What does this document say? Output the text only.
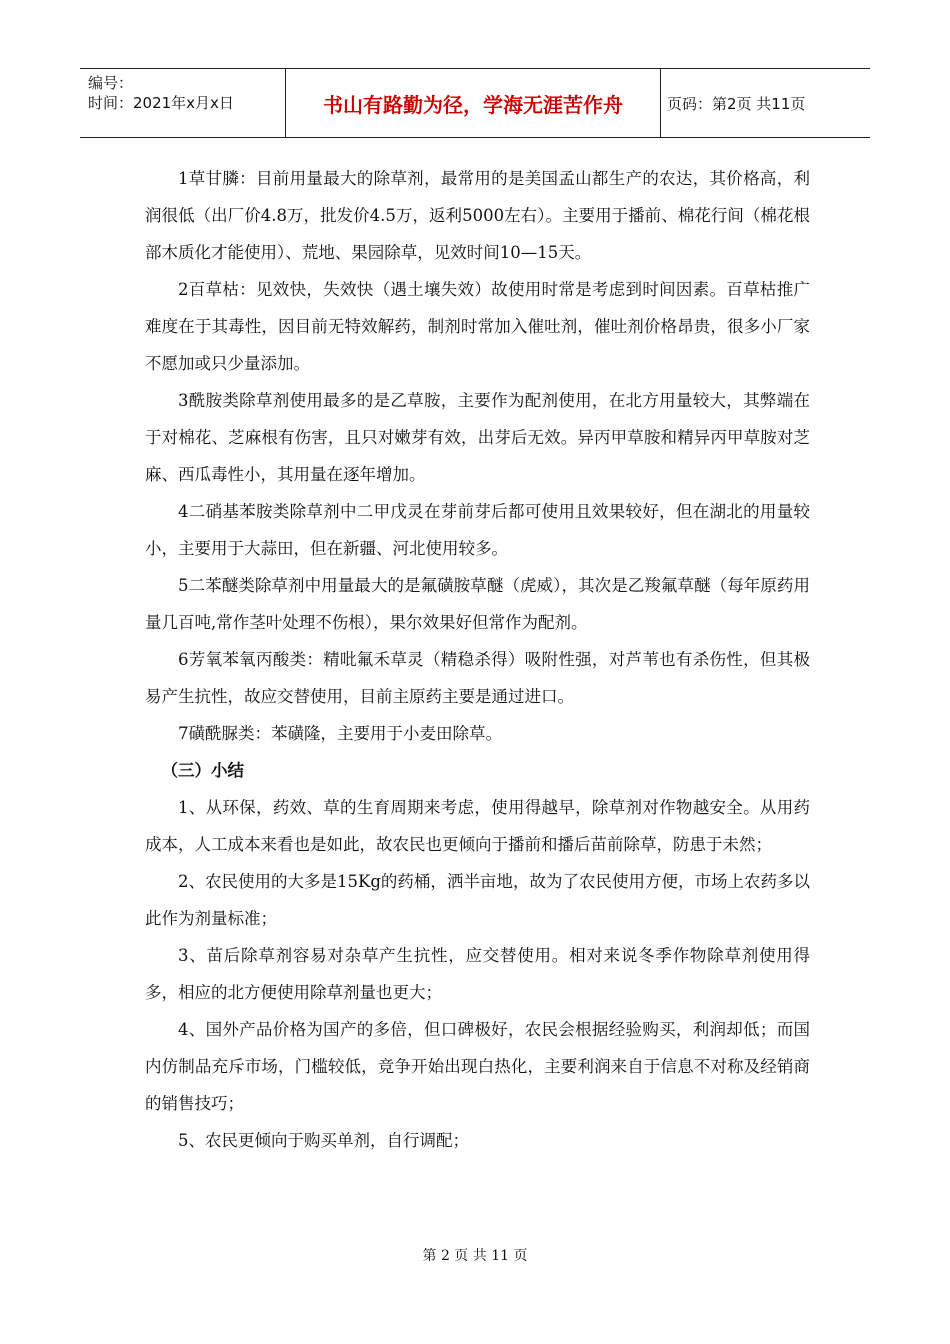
编号：
时间：2021年x月x日	书山有路勤为径，学海无涯苦作舟	页码：第2页 共11页

1草甘膦：目前用量最大的除草剂，最常用的是美国孟山都生产的农达，其价格高，利润很低（出厂价4.8万，批发价4.5万，返利5000左右）。主要用于播前、棉花行间（棉花根部木质化才能使用）、荒地、果园除草，见效时间10—15天。

2百草枯：见效快，失效快（遇土壤失效）故使用时常是考虑到时间因素。百草枯推广难度在于其毒性，因目前无特效解药，制剂时常加入催吐剂，催吐剂价格昂贵，很多小厂家不愿加或只少量添加。

3酰胺类除草剂使用最多的是乙草胺，主要作为配剂使用，在北方用量较大，其弊端在于对棉花、芝麻根有伤害，且只对嫩芽有效，出芽后无效。异丙甲草胺和精异丙甲草胺对芝麻、西瓜毒性小，其用量在逐年增加。

4二硝基苯胺类除草剂中二甲戊灵在芽前芽后都可使用且效果较好，但在湖北的用量较小，主要用于大蒜田，但在新疆、河北使用较多。

5二苯醚类除草剂中用量最大的是氟磺胺草醚（虎威），其次是乙羧氟草醚（每年原药用量几百吨,常作茎叶处理不伤根），果尔效果好但常作为配剂。

6芳氧苯氧丙酸类：精吡氟禾草灵（精稳杀得）吸附性强，对芦苇也有杀伤性，但其极易产生抗性，故应交替使用，目前主原药主要是通过进口。

7磺酰脲类：苯磺隆，主要用于小麦田除草。

（三）小结

1、从环保，药效、草的生育周期来考虑，使用得越早，除草剂对作物越安全。从用药成本，人工成本来看也是如此，故农民也更倾向于播前和播后苗前除草，防患于未然；

2、农民使用的大多是15Kg的药桶，洒半亩地，故为了农民使用方便，市场上农药多以此作为剂量标准；

3、苗后除草剂容易对杂草产生抗性，应交替使用。相对来说冬季作物除草剂使用得多，相应的北方便使用除草剂量也更大；

4、国外产品价格为国产的多倍，但口碑极好，农民会根据经验购买，利润却低；而国内仿制品充斥市场，门槛较低，竞争开始出现白热化，主要利润来自于信息不对称及经销商的销售技巧；

5、农民更倾向于购买单剂，自行调配；

第 2 页 共 11 页
